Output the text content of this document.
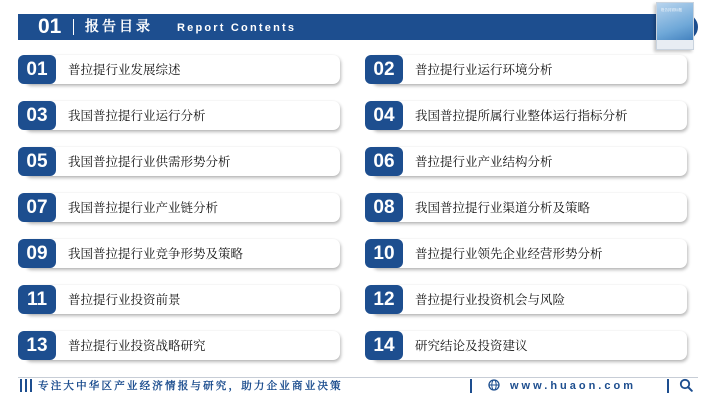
01 报告目录 Report Contents
报告封面标题
01	普拉提行业发展综述	02	普拉提行业运行环境分析
03	我国普拉提行业运行分析	04	我国普拉提所属行业整体运行指标分析
05	我国普拉提行业供需形势分析	06	普拉提行业产业结构分析
07	我国普拉提行业产业链分析	08	我国普拉提行业渠道分析及策略
09	我国普拉提行业竞争形势及策略	10	普拉提行业领先企业经营形势分析
11	普拉提行业投资前景	12	普拉提行业投资机会与风险
13	普拉提行业投资战略研究	14	研究结论及投资建议
专注大中华区产业经济情报与研究，助力企业商业决策	www.huaon.com
